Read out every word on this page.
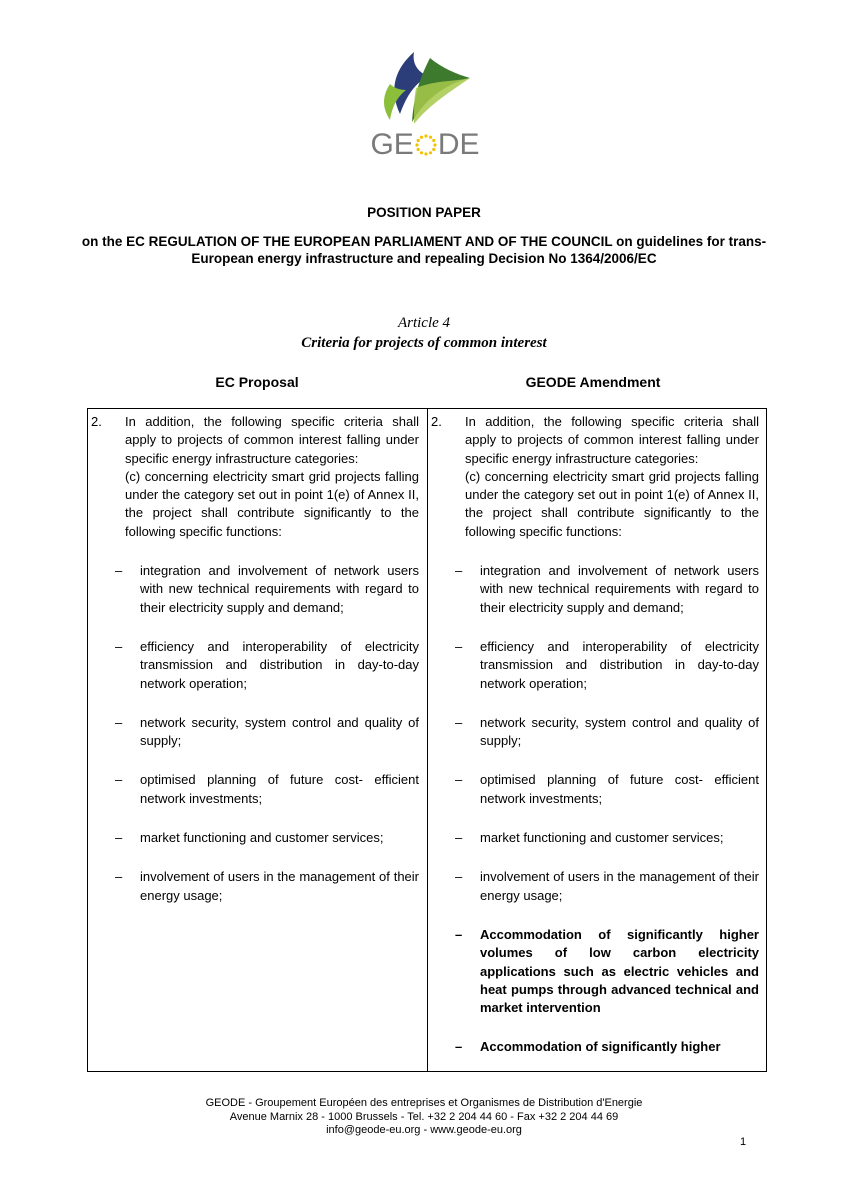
GE DE
POSITION PAPER
on the EC REGULATION OF THE EUROPEAN PARLIAMENT AND OF THE COUNCIL on guidelines for trans-European energy infrastructure and repealing Decision No 1364/2006/EC
Article 4
Criteria for projects of common interest
EC Proposal	GEODE Amendment
2. In addition, the following specific criteria shall apply to projects of common interest falling under specific energy infrastructure categories:
(c) concerning electricity smart grid projects falling under the category set out in point 1(e) of Annex II, the project shall contribute significantly to the following specific functions:
– integration and involvement of network users with new technical requirements with regard to their electricity supply and demand;
– efficiency and interoperability of electricity transmission and distribution in day-to-day network operation;
– network security, system control and quality of supply;
– optimised planning of future cost- efficient network investments;
– market functioning and customer services;
– involvement of users in the management of their energy usage;
2. In addition, the following specific criteria shall apply to projects of common interest falling under specific energy infrastructure categories:
(c) concerning electricity smart grid projects falling under the category set out in point 1(e) of Annex II, the project shall contribute significantly to the following specific functions:
– integration and involvement of network users with new technical requirements with regard to their electricity supply and demand;
– efficiency and interoperability of electricity transmission and distribution in day-to-day network operation;
– network security, system control and quality of supply;
– optimised planning of future cost- efficient network investments;
– market functioning and customer services;
– involvement of users in the management of their energy usage;
– Accommodation of significantly higher volumes of low carbon electricity applications such as electric vehicles and heat pumps through advanced technical and market intervention
– Accommodation of significantly higher
GEODE - Groupement Européen des entreprises et Organismes de Distribution d'Energie
Avenue Marnix 28 - 1000 Brussels - Tel. +32 2 204 44 60 - Fax +32 2 204 44 69
info@geode-eu.org - www.geode-eu.org
1
